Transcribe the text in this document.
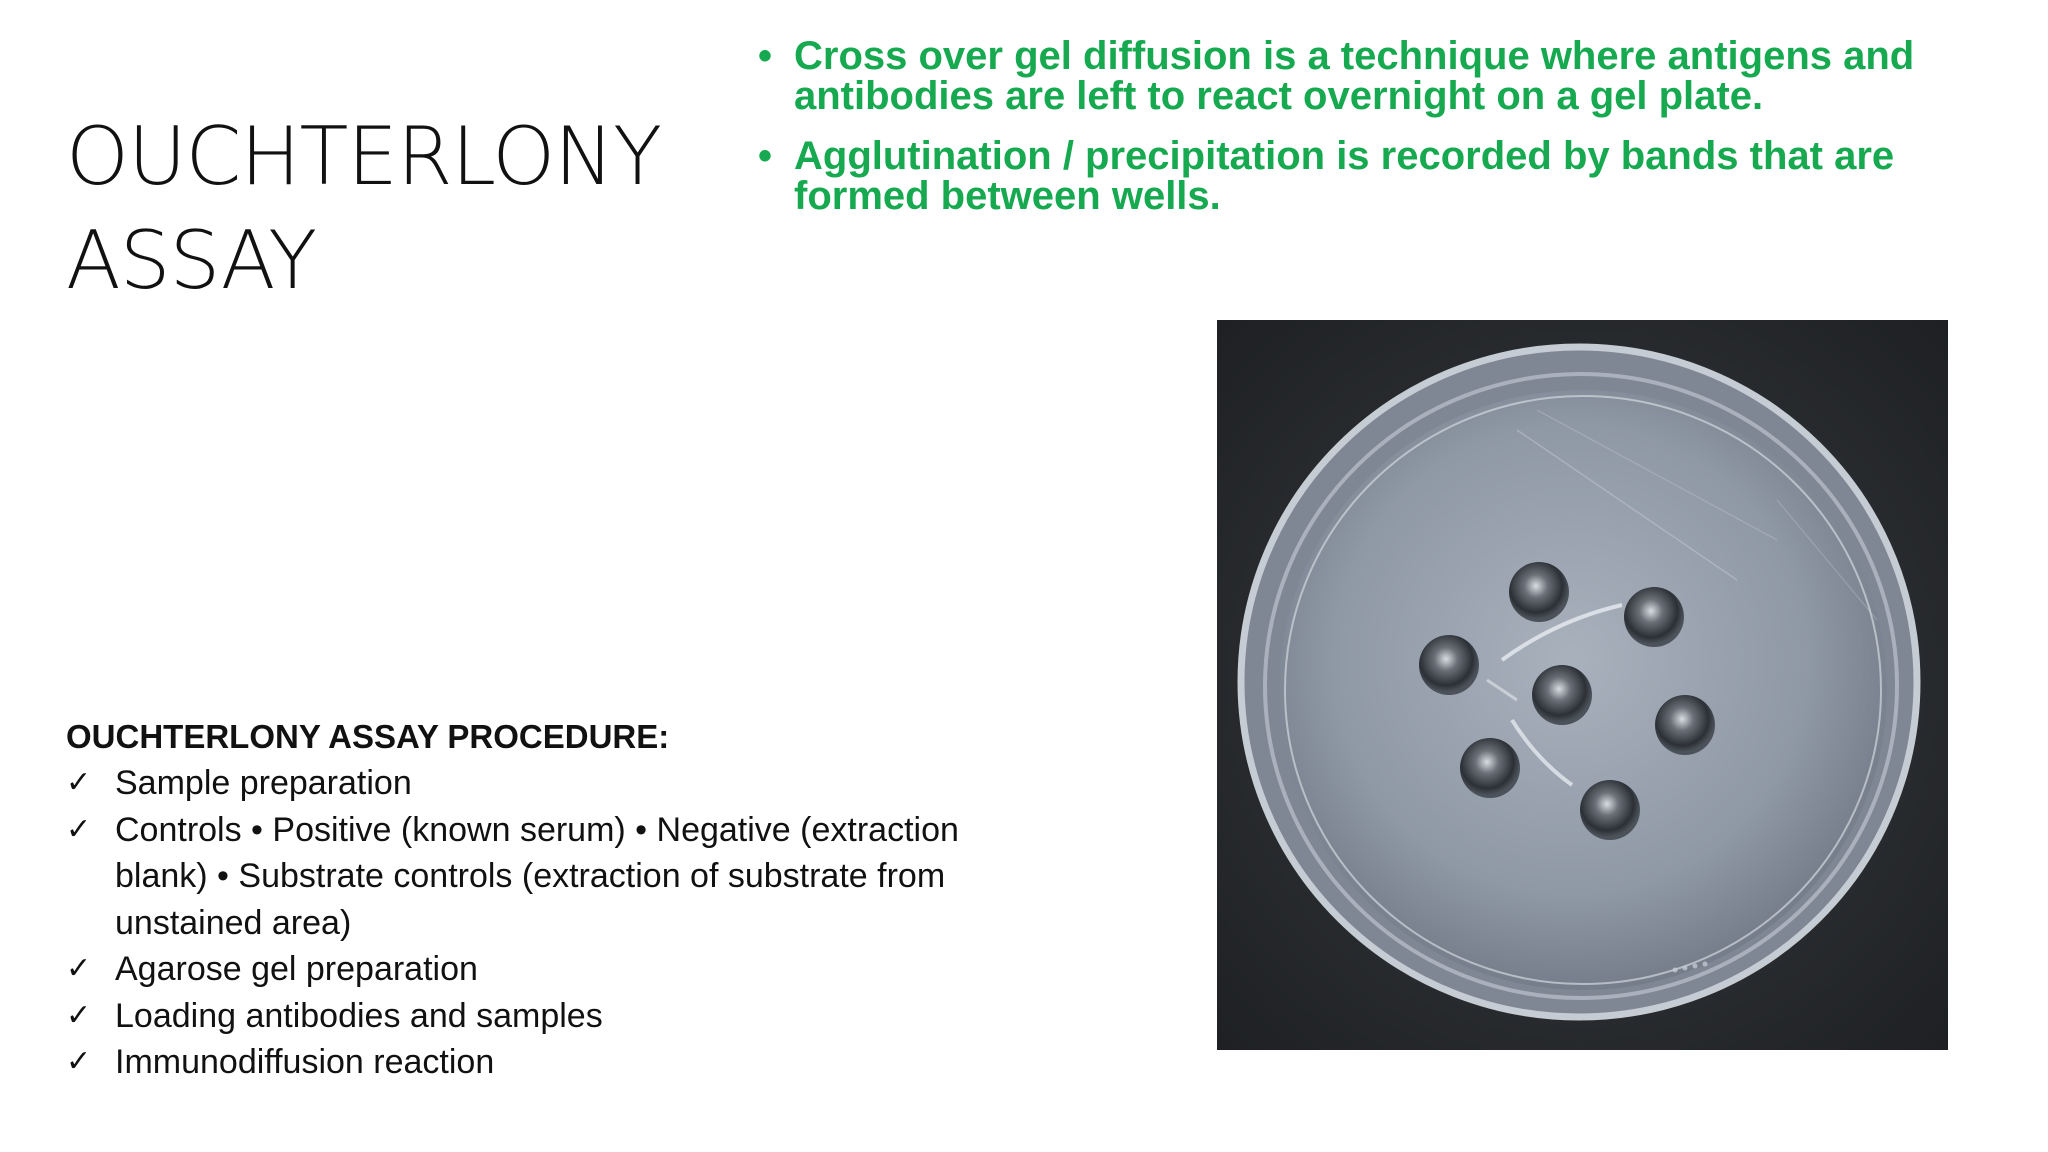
OUCHTERLONY
ASSAY
• Cross over gel diffusion is a technique where antigens and antibodies are left to react overnight on a gel plate.
• Agglutination / precipitation is recorded by bands that are formed between wells.
OUCHTERLONY ASSAY PROCEDURE:
✓ Sample preparation
✓ Controls • Positive (known serum) • Negative (extraction blank) • Substrate controls (extraction of substrate from unstained area)
✓ Agarose gel preparation
✓ Loading antibodies and samples
✓ Immunodiffusion reaction
